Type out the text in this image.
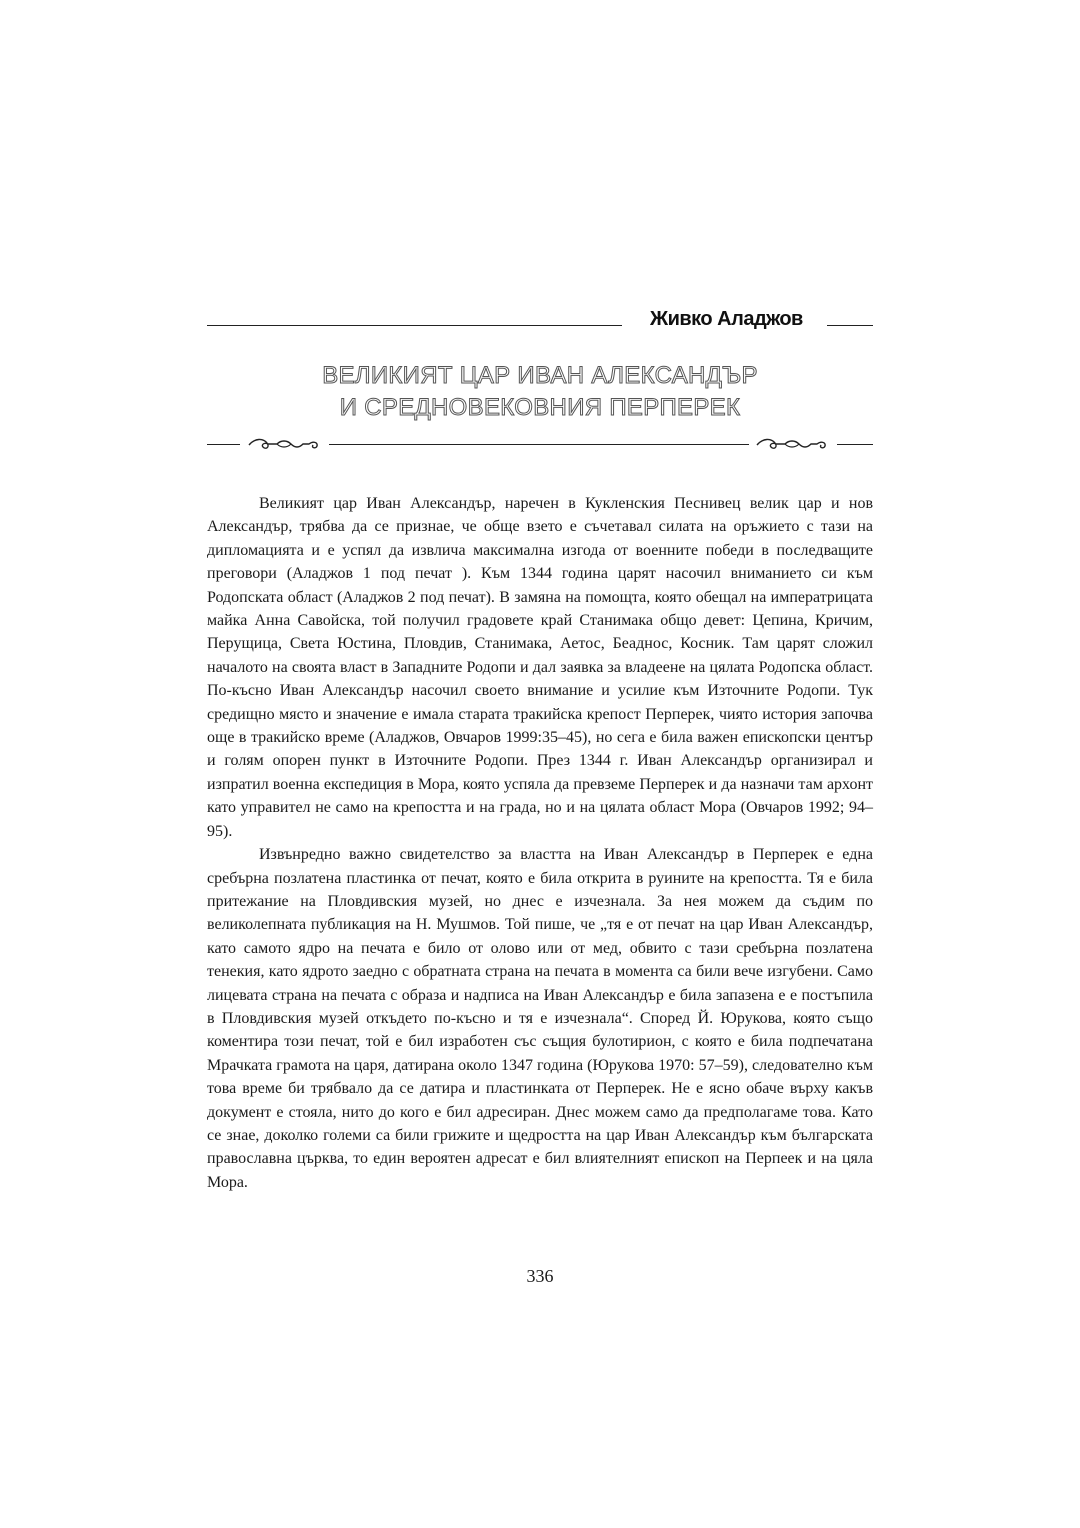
Живко Аладжов
ВЕЛИКИЯТ ЦАР ИВАН АЛЕКСАНДЪР
И СРЕДНОВЕКОВНИЯ ПЕРПЕРЕК

Великият цар Иван Александър, наречен в Кукленския Песнивец велик цар и нов Александър, трябва да се признае, че общe взето е съчетавал силата на оръжието с тази на дипломацията и е успял да извлича максимална изгода от военните победи в последващите преговори (Аладжов 1 под печат ). Към 1344 година царят насочил вниманието си към Родопската област (Аладжов 2 под печат). В замяна на помощта, която обещал на императрицата майка Анна Савойска, той получил градовете край Станимака общо девет: Цепина, Кричим, Перущица, Света Юстина, Пловдив, Станимака, Аетос, Беаднос, Косник. Там царят сложил началото на своята власт в Западните Родопи и дал заявка за владеене на цялата Родопска област. По-късно Иван Александър насочил своето внимание и усилие към Източните Родопи. Тук средищно място и значение е имала старата тракийска крепост Перперек, чиято история започва още в тракийско време (Аладжов, Овчаров 1999:35–45), но сега е била важен епископски център и голям опорен пункт в Източните Родопи. През 1344 г. Иван Александър организирал и изпратил военна експедиция в Мора, която успяла да превземе Перперек и да назначи там архонт като управител не само на крепостта и на града, но и на цялата област Мора (Овчаров 1992; 94–95).

Извънредно важно свидетелство за властта на Иван Александър в Перперек е една сребърна позлатена пластинка от печат, която е била открита в руините на крепостта. Тя е била притежание на Пловдивския музей, но днес е изчезнала. За нея можем да съдим по великолепната публикация на Н. Мушмов. Той пише, че „тя е от печат на цар Иван Александър, като самото ядро на печата е било от олово или от мед, обвито с тази сребърна позлатена тенекия, като ядрото заедно с обратната страна на печата в момента са били вече изгубени. Само лицевата страна на печата с образа и надписа на Иван Александър е била запазена е е постъпила в Пловдивския музей откъдето по-късно и тя е изчезнала“. Според Й. Юрукова, която също коментира този печат, той е бил изработен със същия булотирион, с която е била подпечатана Мрачката грамота на царя, датирана около 1347 година (Юрукова 1970: 57–59), следователно към това време би трябвало да се датира и пластинката от Перперек. Не е ясно обаче върху какъв документ е стояла, нито до кого е бил адресиран. Днес можем само да предполагаме това. Като се знае, доколко големи са били грижите и щедростта на цар Иван Александър към българската православна църква, то един вероятен адресат е бил влиятелният епископ на Перпеек и на цяла Мора.

336
